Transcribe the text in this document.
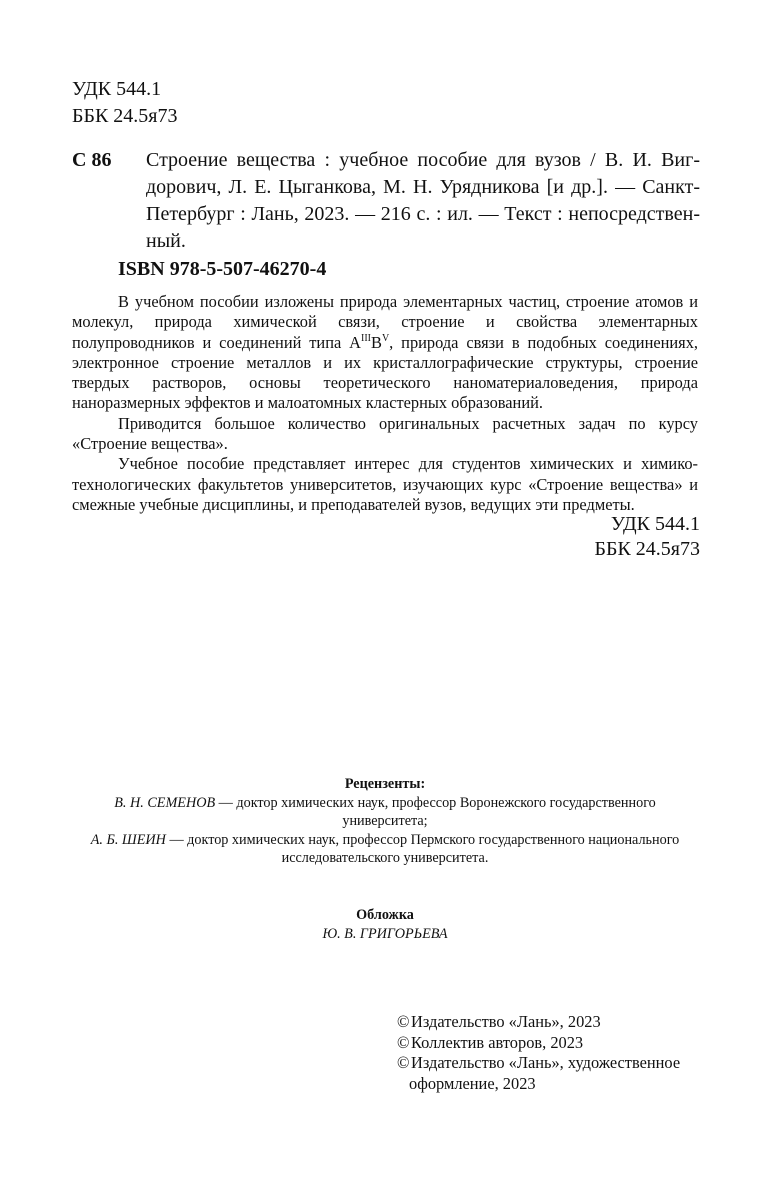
УДК 544.1
ББК 24.5я73
С 86 Строение вещества : учебное пособие для вузов / В. И. Виг-
дорович, Л. Е. Цыганкова, М. Н. Урядникова [и др.]. — Санкт-
Петербург : Лань, 2023. — 216 с. : ил. — Текст : непосредствен-
ный.
ISBN 978-5-507-46270-4

В учебном пособии изложены природа элементарных частиц, строение атомов и молекул, природа химической связи, строение и свойства элементарных полупроводников и соединений типа $A^{III}B^V$, природа связи в подобных соединениях, электронное строение металлов и их кристаллографические структуры, строение твердых растворов, основы теоретического наноматериаловедения, природа наноразмерных эффектов и малоатомных кластерных образований.

Приводится большое количество оригинальных расчетных задач по курсу «Строение вещества».

Учебное пособие представляет интерес для студентов химических и химико-технологических факультетов университетов, изучающих курс «Строение вещества» и смежные учебные дисциплины, и преподавателей вузов, ведущих эти предметы.

УДК 544.1
ББК 24.5я73
Рецензенты:
В. Н. СЕМЕНОВ — доктор химических наук, профессор Воронежского государственного университета;
А. Б. ШЕИН — доктор химических наук, профессор Пермского государственного национального исследовательского университета.
Обложка
Ю. В. ГРИГОРЬЕВА
©Издательство «Лань», 2023
©Коллектив авторов, 2023
©Издательство «Лань», художественное оформление, 2023
